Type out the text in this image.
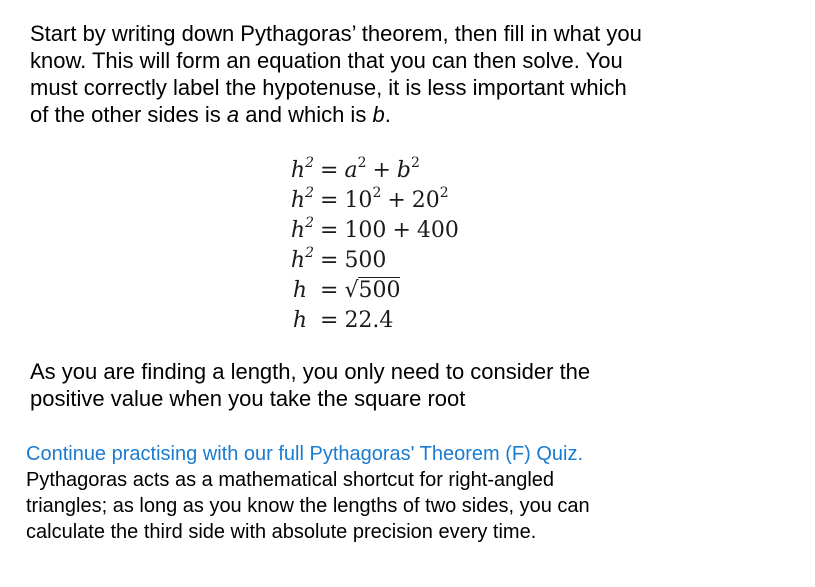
Start by writing down Pythagoras’ theorem, then fill in what you
know. This will form an equation that you can then solve. You
must correctly label the hypotenuse, it is less important which
of the other sides is a and which is b.
$h^2 = a^2 + b^2$
$h^2 = 10^2 + 20^2$
$h^2 = 100 + 400$
$h^2 = 500$
h = √500
h = 22.4
As you are finding a length, you only need to consider the
positive value when you take the square root
Continue practising with our full Pythagoras' Theorem (F) Quiz.
Pythagoras acts as a mathematical shortcut for right-angled
triangles; as long as you know the lengths of two sides, you can
calculate the third side with absolute precision every time.
